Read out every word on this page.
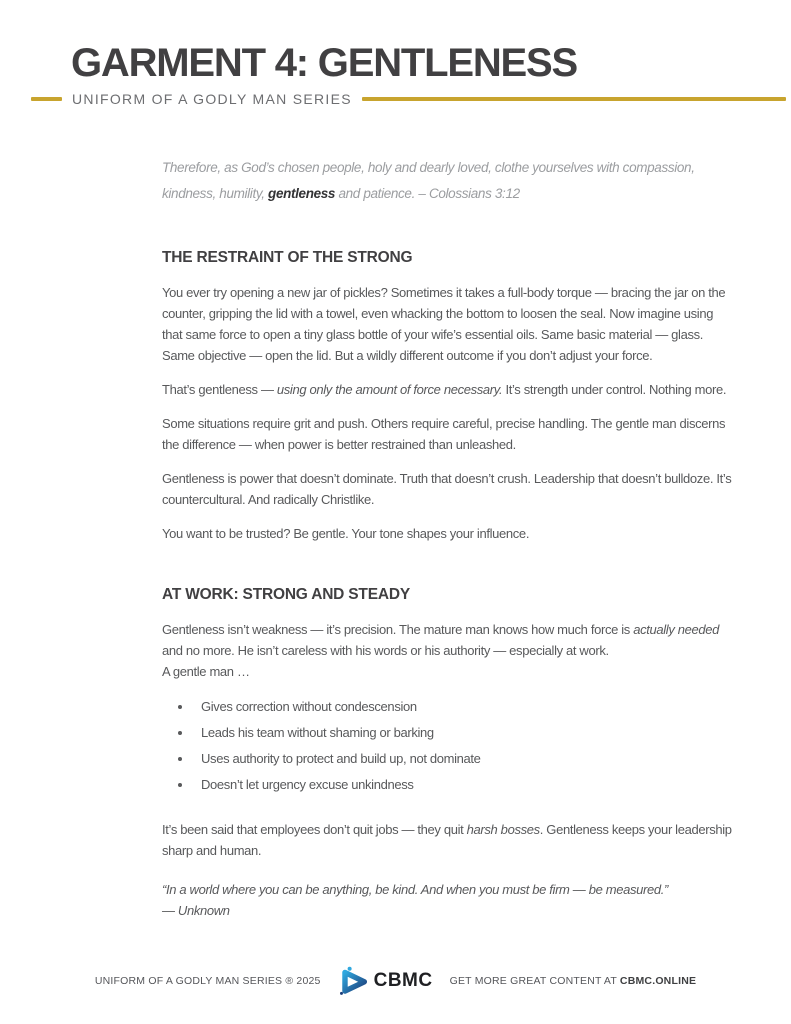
GARMENT 4: GENTLENESS
UNIFORM OF A GODLY MAN SERIES

Therefore, as God’s chosen people, holy and dearly loved, clothe yourselves with compassion, kindness, humility, gentleness and patience. – Colossians 3:12

THE RESTRAINT OF THE STRONG

You ever try opening a new jar of pickles? Sometimes it takes a full-body torque — bracing the jar on the counter, gripping the lid with a towel, even whacking the bottom to loosen the seal. Now imagine using that same force to open a tiny glass bottle of your wife’s essential oils. Same basic material — glass. Same objective — open the lid. But a wildly different outcome if you don’t adjust your force.

That’s gentleness — using only the amount of force necessary. It’s strength under control. Nothing more.

Some situations require grit and push. Others require careful, precise handling. The gentle man discerns the difference — when power is better restrained than unleashed.

Gentleness is power that doesn’t dominate. Truth that doesn’t crush. Leadership that doesn’t bulldoze. It’s countercultural. And radically Christlike.

You want to be trusted? Be gentle. Your tone shapes your influence.

AT WORK: STRONG AND STEADY

Gentleness isn’t weakness — it’s precision. The mature man knows how much force is actually needed and no more. He isn’t careless with his words or his authority — especially at work.
A gentle man …

• Gives correction without condescension
• Leads his team without shaming or barking
• Uses authority to protect and build up, not dominate
• Doesn’t let urgency excuse unkindness

It’s been said that employees don’t quit jobs — they quit harsh bosses. Gentleness keeps your leadership sharp and human.

“In a world where you can be anything, be kind. And when you must be firm — be measured.”
— Unknown

UNIFORM OF A GODLY MAN SERIES ® 2025	CBMC GET MORE GREAT CONTENT AT CBMC.ONLINE
